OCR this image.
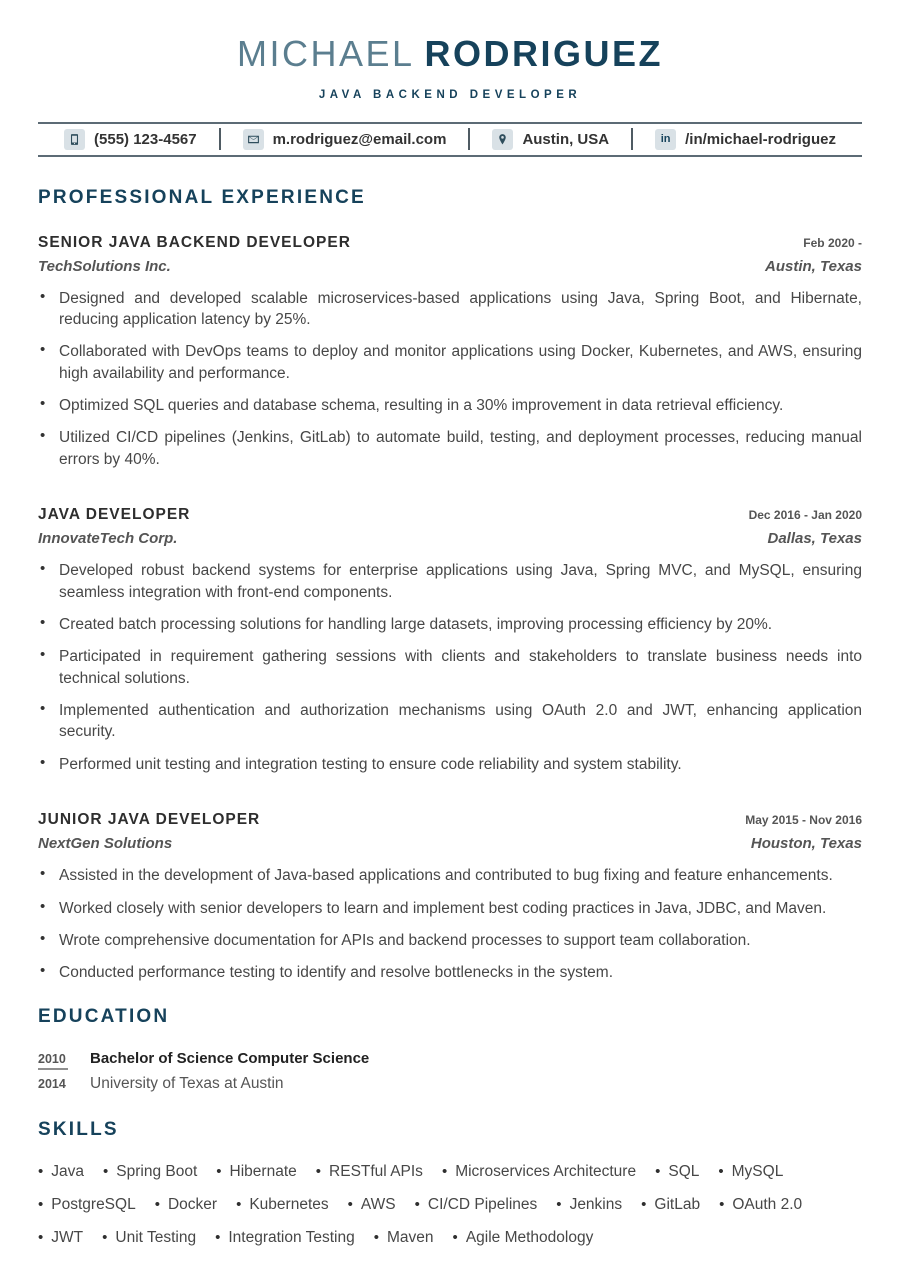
MICHAEL RODRIGUEZ
JAVA BACKEND DEVELOPER
(555) 123-4567	m.rodriguez@email.com	Austin, USA	in /in/michael-rodriguez
PROFESSIONAL EXPERIENCE
SENIOR JAVA BACKEND DEVELOPER	Feb 2020 -
TechSolutions Inc.	Austin, Texas
• Designed and developed scalable microservices-based applications using Java, Spring Boot, and Hibernate, reducing application latency by 25%.
• Collaborated with DevOps teams to deploy and monitor applications using Docker, Kubernetes, and AWS, ensuring high availability and performance.
• Optimized SQL queries and database schema, resulting in a 30% improvement in data retrieval efficiency.
• Utilized CI/CD pipelines (Jenkins, GitLab) to automate build, testing, and deployment processes, reducing manual errors by 40%.
JAVA DEVELOPER	Dec 2016 - Jan 2020
InnovateTech Corp.	Dallas, Texas
• Developed robust backend systems for enterprise applications using Java, Spring MVC, and MySQL, ensuring seamless integration with front-end components.
• Created batch processing solutions for handling large datasets, improving processing efficiency by 20%.
• Participated in requirement gathering sessions with clients and stakeholders to translate business needs into technical solutions.
• Implemented authentication and authorization mechanisms using OAuth 2.0 and JWT, enhancing application security.
• Performed unit testing and integration testing to ensure code reliability and system stability.
JUNIOR JAVA DEVELOPER	May 2015 - Nov 2016
NextGen Solutions	Houston, Texas
• Assisted in the development of Java-based applications and contributed to bug fixing and feature enhancements.
• Worked closely with senior developers to learn and implement best coding practices in Java, JDBC, and Maven.
• Wrote comprehensive documentation for APIs and backend processes to support team collaboration.
• Conducted performance testing to identify and resolve bottlenecks in the system.
EDUCATION
2010 Bachelor of Science Computer Science
2014	University of Texas at Austin
SKILLS
• Java • Spring Boot • Hibernate • RESTful APIs • Microservices Architecture • SQL • MySQL
• PostgreSQL • Docker • Kubernetes • AWS • CI/CD Pipelines • Jenkins • GitLab • OAuth 2.0
• JWT • Unit Testing • Integration Testing • Maven • Agile Methodology
